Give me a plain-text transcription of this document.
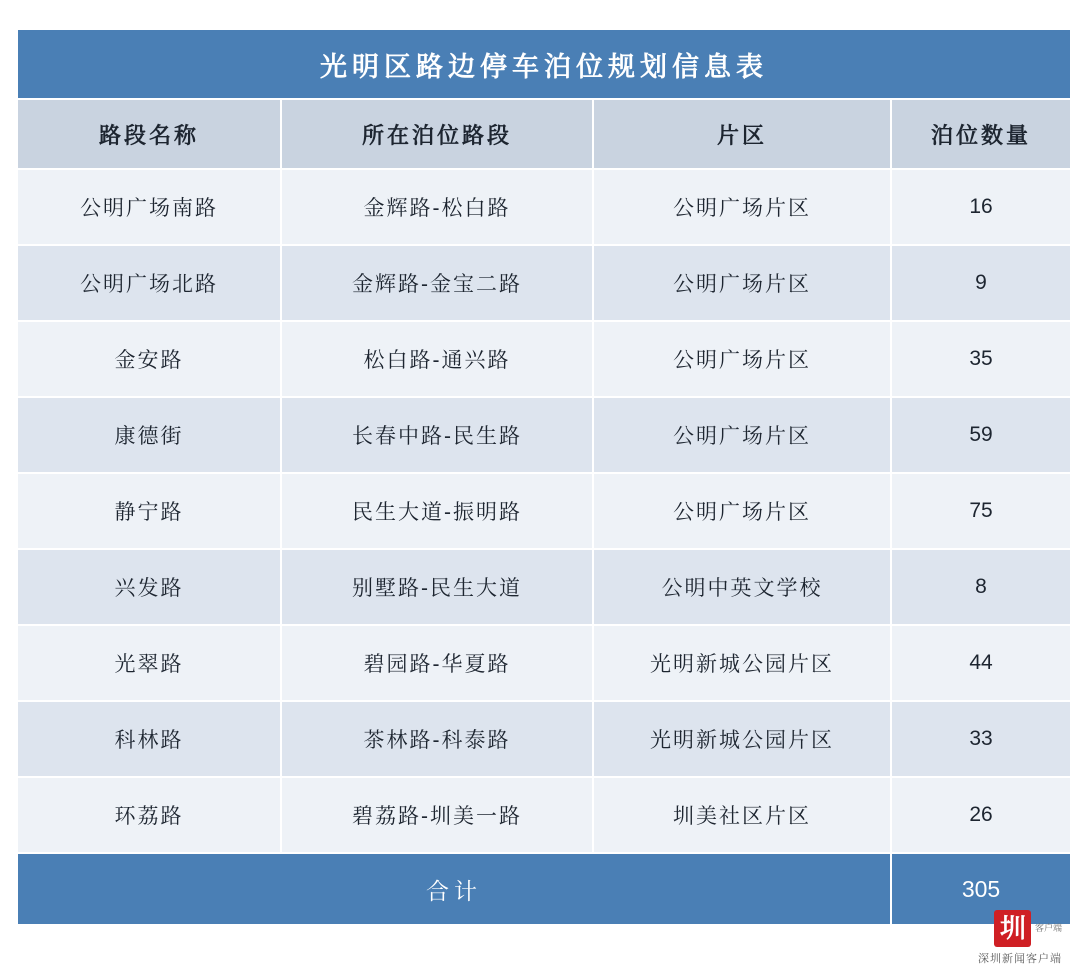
光明区路边停车泊位规划信息表			
路段名称	所在泊位路段	片区	泊位数量
公明广场南路	金辉路-松白路	公明广场片区	16
公明广场北路	金辉路-金宝二路	公明广场片区	9
金安路	松白路-通兴路	公明广场片区	35
康德街	长春中路-民生路	公明广场片区	59
静宁路	民生大道-振明路	公明广场片区	75
兴发路	别墅路-民生大道	公明中英文学校	8
光翠路	碧园路-华夏路	光明新城公园片区	44
科林路	茶林路-科泰路	光明新城公园片区	33
环荔路	碧荔路-圳美一路	圳美社区片区	26
合计			305
圳	客户端
深圳新闻客户端
